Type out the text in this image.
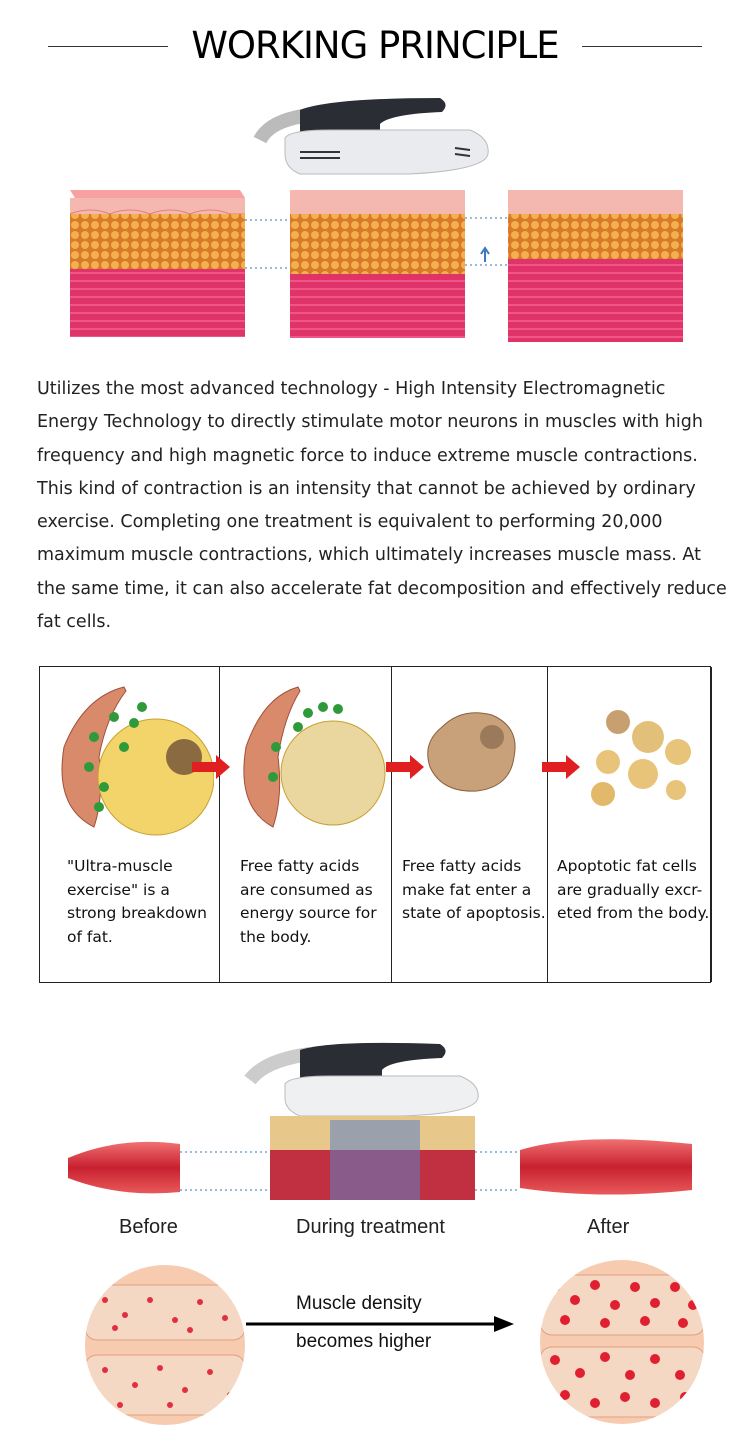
WORKING PRINCIPLE
Utilizes the most advanced technology - High Intensity Electromagnetic Energy Technology to directly stimulate motor neurons in muscles with high frequency and high magnetic force to induce extreme muscle contractions. This kind of contraction is an intensity that cannot be achieved by ordinary exercise. Completing one treatment is equivalent to performing 20,000 maximum muscle contractions, which ultimately increases muscle mass. At the same time, it can also accelerate fat decomposition and effectively reduce fat cells.
"Ultra-muscle exercise" is a strong breakdown of fat.
Free fatty acids are consumed as energy source for the body.
Free fatty acids make fat enter a state of apoptosis.
Apoptotic fat cells are gradually excr-eted from the body.
Before	During treatment	After
Muscle density
becomes higher
